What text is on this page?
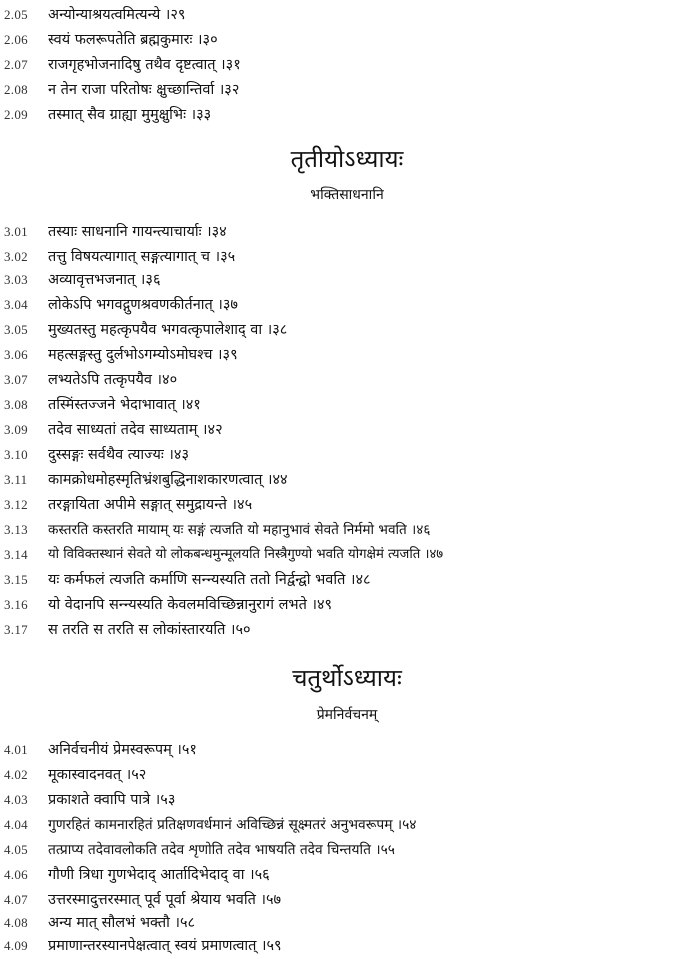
2.05	अन्योन्याश्रयत्वमित्यन्ये ।२९
2.06	स्वयं फलरूपतेति ब्रह्मकुमारः ।३०
2.07	राजगृहभोजनादिषु तथैव दृष्टत्वात् ।३१
2.08	न तेन राजा परितोषः क्षुच्छान्तिर्वा ।३२
2.09	तस्मात् सैव ग्राह्या मुमुक्षुभिः ।३३
तृतीयोऽध्यायः
भक्तिसाधनानि
3.01	तस्याः साधनानि गायन्त्याचार्याः ।३४
3.02	तत्तु विषयत्यागात् सङ्गत्यागात् च ।३५
3.03	अव्यावृत्तभजनात् ।३६
3.04	लोकेऽपि भगवद्गुणश्रवणकीर्तनात् ।३७
3.05	मुख्यतस्तु महत्कृपयैव भगवत्कृपालेशाद् वा ।३८
3.06	महत्सङ्गस्तु दुर्लभोऽगम्योऽमोघश्च ।३९
3.07	लभ्यतेऽपि तत्कृपयैव ।४०
3.08	तस्मिंस्तज्जने भेदाभावात् ।४१
3.09	तदेव साध्यतां तदेव साध्यताम् ।४२
3.10	दुस्सङ्गः सर्वथैव त्याज्यः ।४३
3.11	कामक्रोधमोहस्मृतिभ्रंशबुद्धिनाशकारणत्वात् ।४४
3.12	तरङ्गायिता अपीमे सङ्गात् समुद्रायन्ते ।४५
3.13	कस्तरति कस्तरति मायाम् यः सङ्गं त्यजति यो महानुभावं सेवते निर्ममो भवति ।४६
3.14	यो विविक्तस्थानं सेवते यो लोकबन्धमुन्मूलयति निस्त्रैगुण्यो भवति योगक्षेमं त्यजति ।४७
3.15	यः कर्मफलं त्यजति कर्माणि सन्न्यस्यति ततो निर्द्वन्द्वो भवति ।४८
3.16	यो वेदानपि सन्न्यस्यति केवलमविच्छिन्नानुरागं लभते ।४९
3.17	स तरति स तरति स लोकांस्तारयति ।५०
चतुर्थोऽध्यायः
प्रेमनिर्वचनम्
4.01	अनिर्वचनीयं प्रेमस्वरूपम् ।५१
4.02	मूकास्वादनवत् ।५२
4.03	प्रकाशते क्वापि पात्रे ।५३
4.04	गुणरहितं कामनारहितं प्रतिक्षणवर्धमानं अविच्छिन्नं सूक्ष्मतरं अनुभवरूपम् ।५४
4.05	तत्प्राप्य तदेवावलोकति तदेव शृणोति तदेव भाषयति तदेव चिन्तयति ।५५
4.06	गौणी त्रिधा गुणभेदाद् आर्तादिभेदाद् वा ।५६
4.07	उत्तरस्मादुत्तरस्मात् पूर्व पूर्वा श्रेयाय भवति ।५७
4.08	अन्य मात् सौलभं भक्तौ ।५८
4.09	प्रमाणान्तरस्यानपेक्षत्वात् स्वयं प्रमाणत्वात् ।५९
